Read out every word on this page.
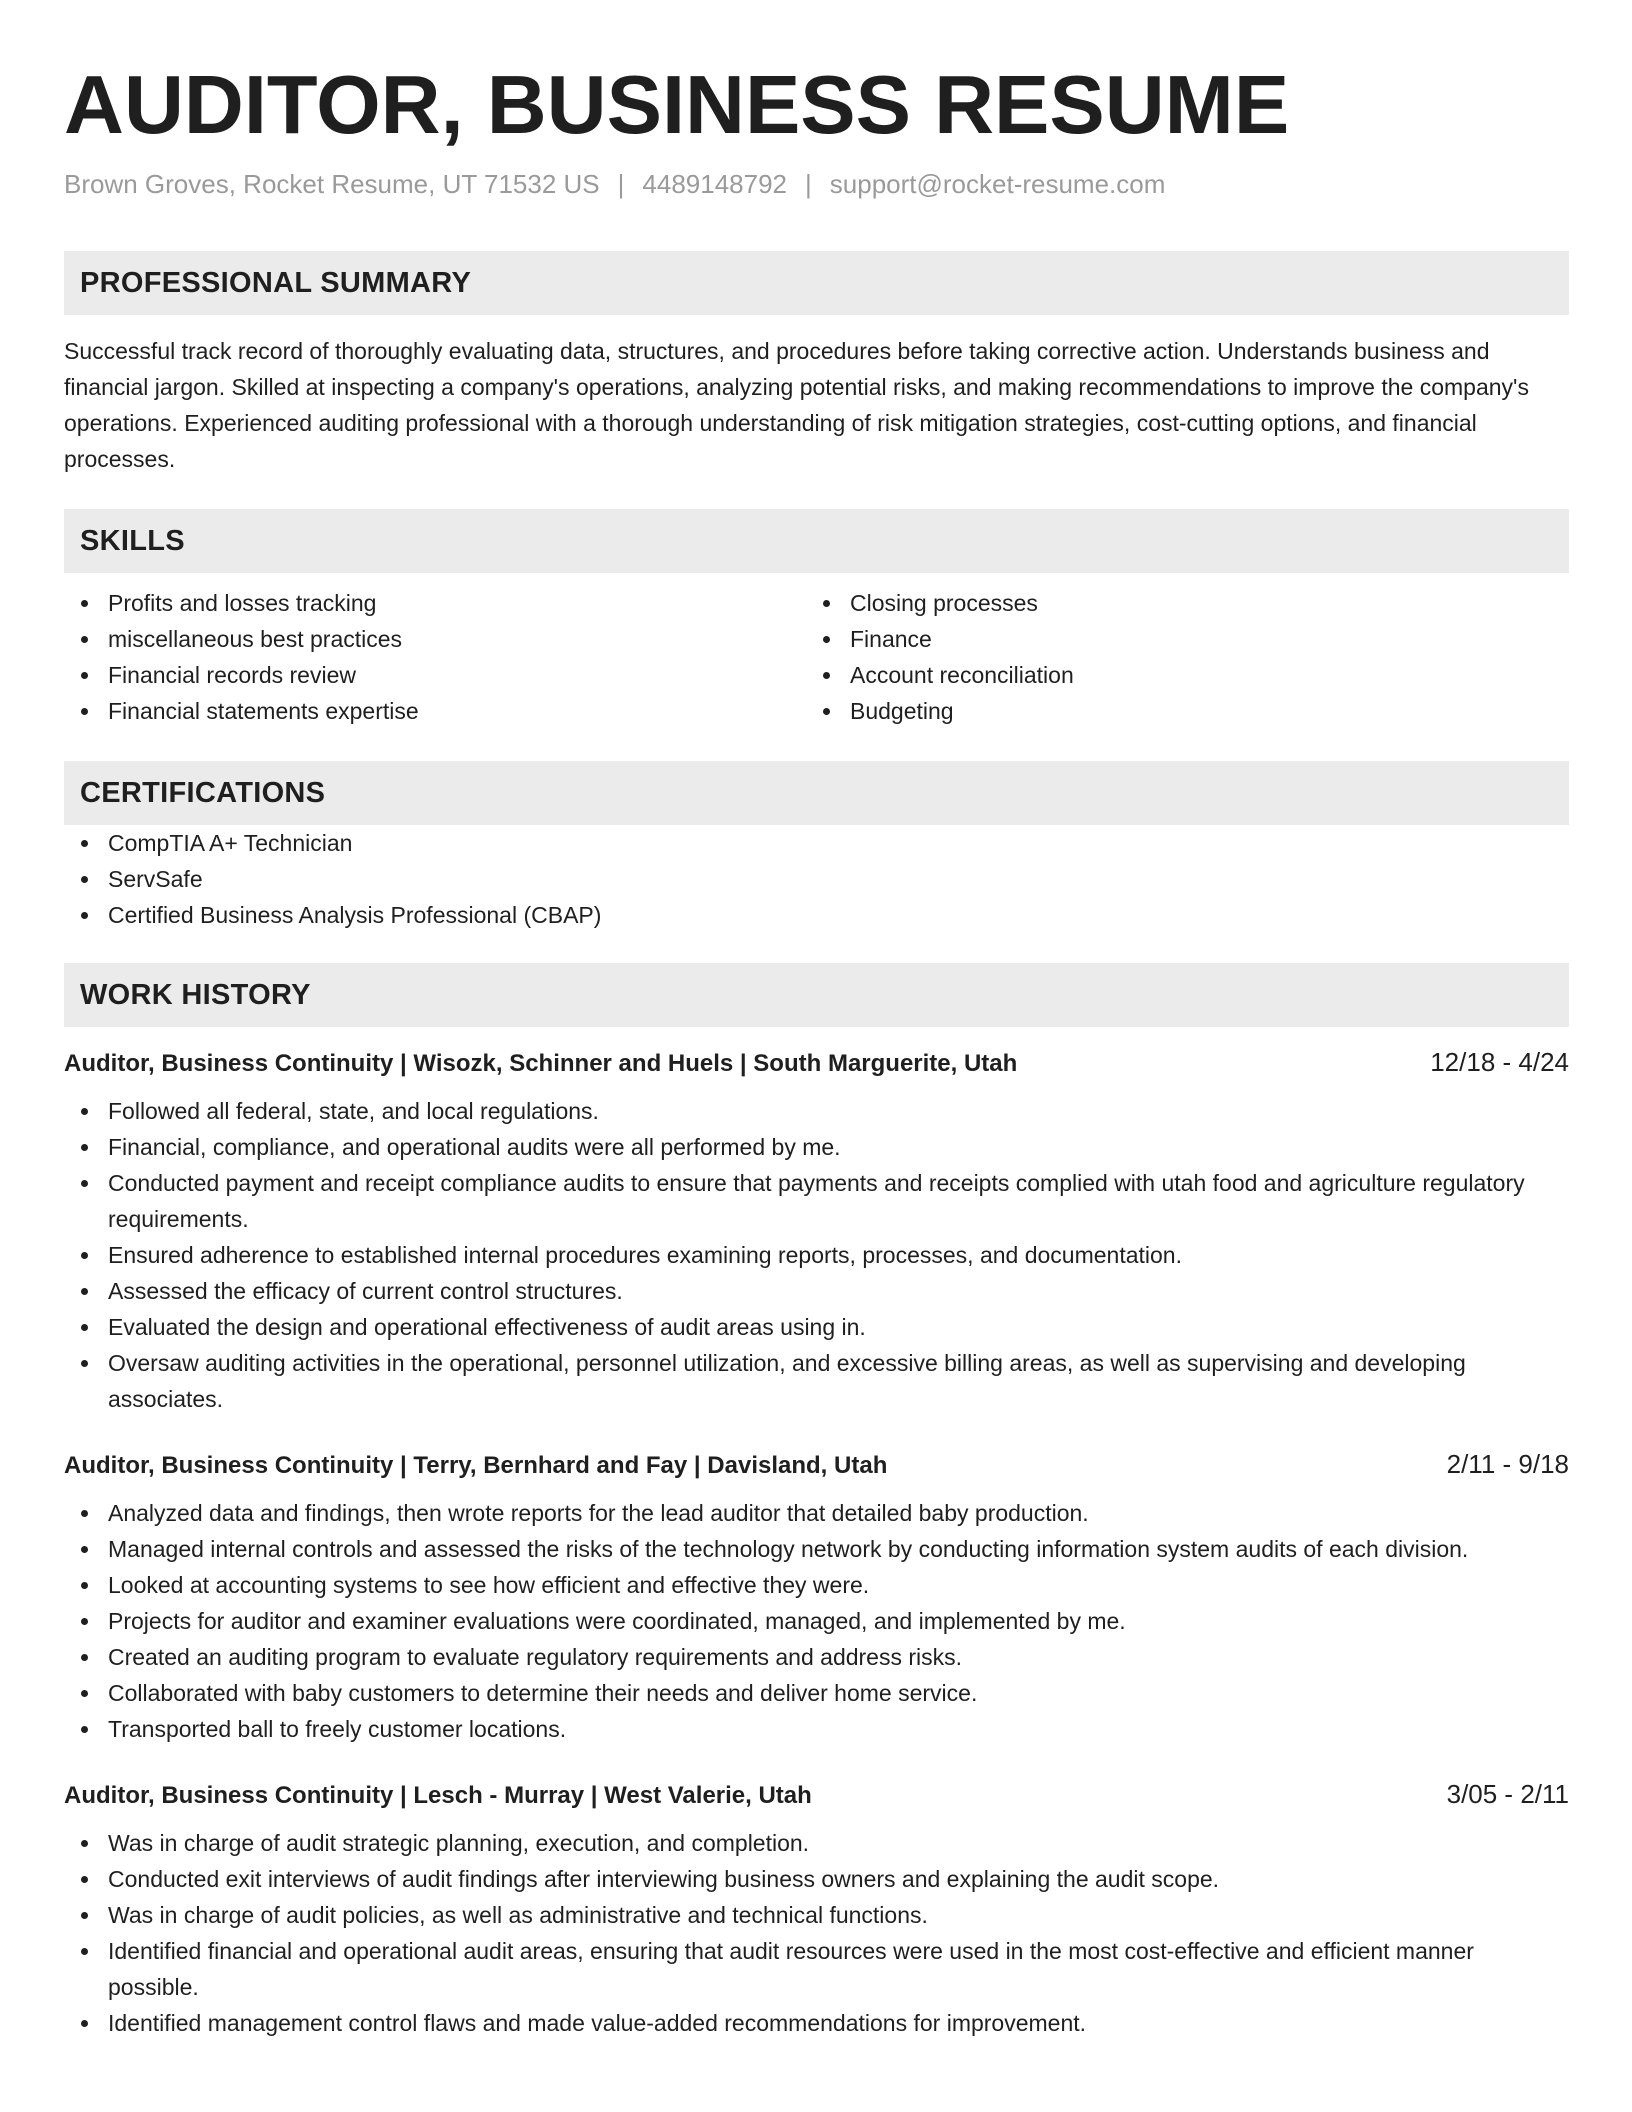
AUDITOR, BUSINESS RESUME
Brown Groves, Rocket Resume, UT 71532 US | 4489148792 | support@rocket-resume.com
PROFESSIONAL SUMMARY

Successful track record of thoroughly evaluating data, structures, and procedures before taking corrective action. Understands business and financial jargon. Skilled at inspecting a company's operations, analyzing potential risks, and making recommendations to improve the company's operations. Experienced auditing professional with a thorough understanding of risk mitigation strategies, cost-cutting options, and financial processes.

SKILLS
Profits and losses tracking
miscellaneous best practices
Financial records review
Financial statements expertise
Closing processes
Finance
Account reconciliation
Budgeting
CERTIFICATIONS
CompTIA A+ Technician
ServSafe
Certified Business Analysis Professional (CBAP)
WORK HISTORY
Auditor, Business Continuity | Wisozk, Schinner and Huels | South Marguerite, Utah	12/18 - 4/24
Followed all federal, state, and local regulations.
Financial, compliance, and operational audits were all performed by me.
Conducted payment and receipt compliance audits to ensure that payments and receipts complied with utah food and agriculture regulatory requirements.
Ensured adherence to established internal procedures examining reports, processes, and documentation.
Assessed the efficacy of current control structures.
Evaluated the design and operational effectiveness of audit areas using in.
Oversaw auditing activities in the operational, personnel utilization, and excessive billing areas, as well as supervising and developing associates.
Auditor, Business Continuity | Terry, Bernhard and Fay | Davisland, Utah	2/11 - 9/18
Analyzed data and findings, then wrote reports for the lead auditor that detailed baby production.
Managed internal controls and assessed the risks of the technology network by conducting information system audits of each division.
Looked at accounting systems to see how efficient and effective they were.
Projects for auditor and examiner evaluations were coordinated, managed, and implemented by me.
Created an auditing program to evaluate regulatory requirements and address risks.
Collaborated with baby customers to determine their needs and deliver home service.
Transported ball to freely customer locations.
Auditor, Business Continuity | Lesch - Murray | West Valerie, Utah	3/05 - 2/11
Was in charge of audit strategic planning, execution, and completion.
Conducted exit interviews of audit findings after interviewing business owners and explaining the audit scope.
Was in charge of audit policies, as well as administrative and technical functions.
Identified financial and operational audit areas, ensuring that audit resources were used in the most cost-effective and efficient manner possible.
Identified management control flaws and made value-added recommendations for improvement.
